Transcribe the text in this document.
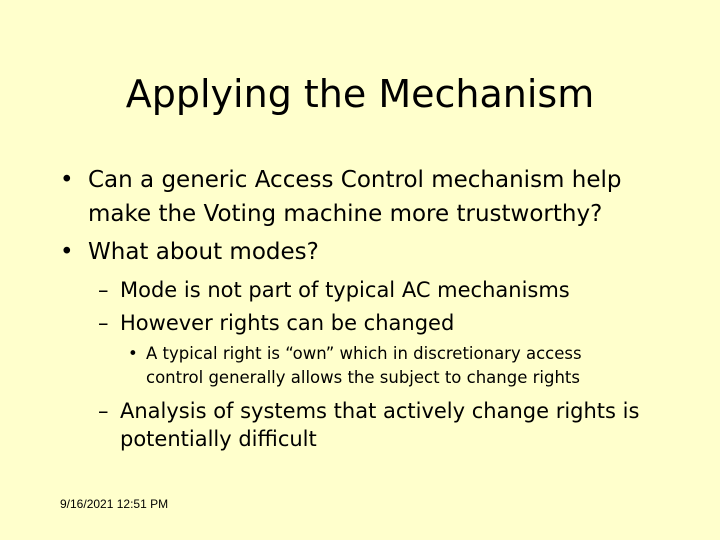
Applying the Mechanism
• Can a generic Access Control mechanism help
make the Voting machine more trustworthy?
• What about modes?
– Mode is not part of typical AC mechanisms
– However rights can be changed
• A typical right is “own” which in discretionary access
control generally allows the subject to change rights
– Analysis of systems that actively change rights is
potentially difficult
9/16/2021 12:51 PM
